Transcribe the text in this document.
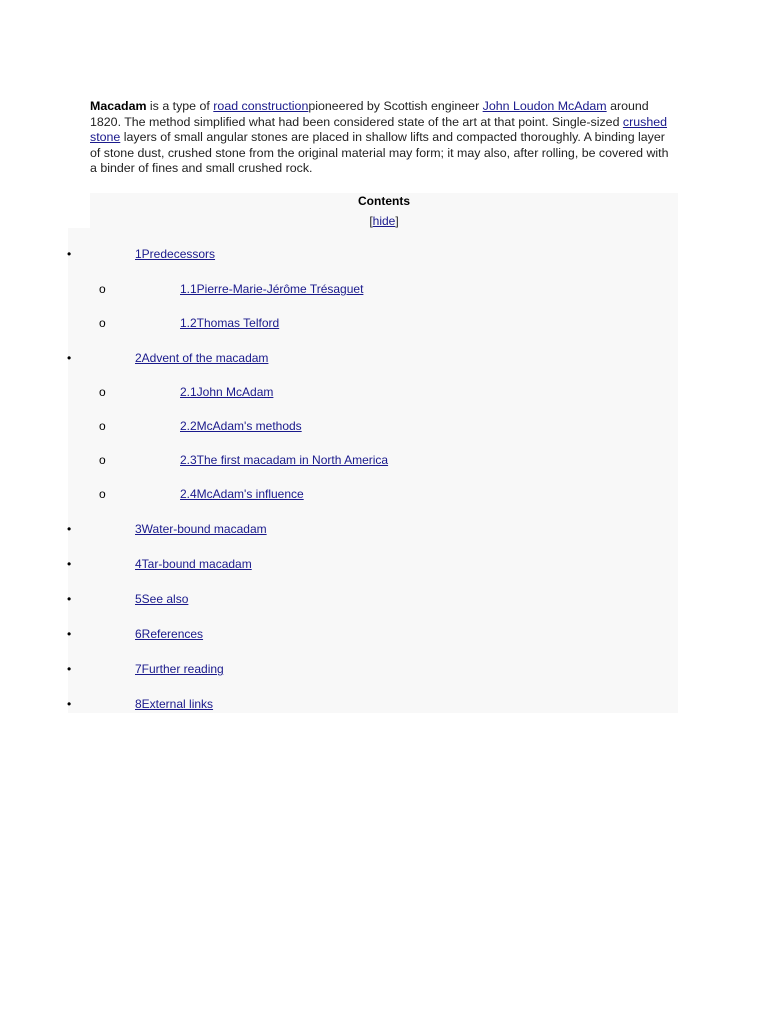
Macadam is a type of road constructionpioneered by Scottish engineer John Loudon McAdam around 1820. The method simplified what had been considered state of the art at that point. Single-sized crushed stone layers of small angular stones are placed in shallow lifts and compacted thoroughly. A binding layer of stone dust, crushed stone from the original material may form; it may also, after rolling, be covered with a binder of fines and small crushed rock.
Contents
[hide]
•	1Predecessors
o	1.1Pierre-Marie-Jérôme Trésaguet
o	1.2Thomas Telford
•	2Advent of the macadam
o	2.1John McAdam
o	2.2McAdam's methods
o	2.3The first macadam in North America
o	2.4McAdam's influence
•	3Water-bound macadam
•	4Tar-bound macadam
•	5See also
•	6References
•	7Further reading
•	8External links
